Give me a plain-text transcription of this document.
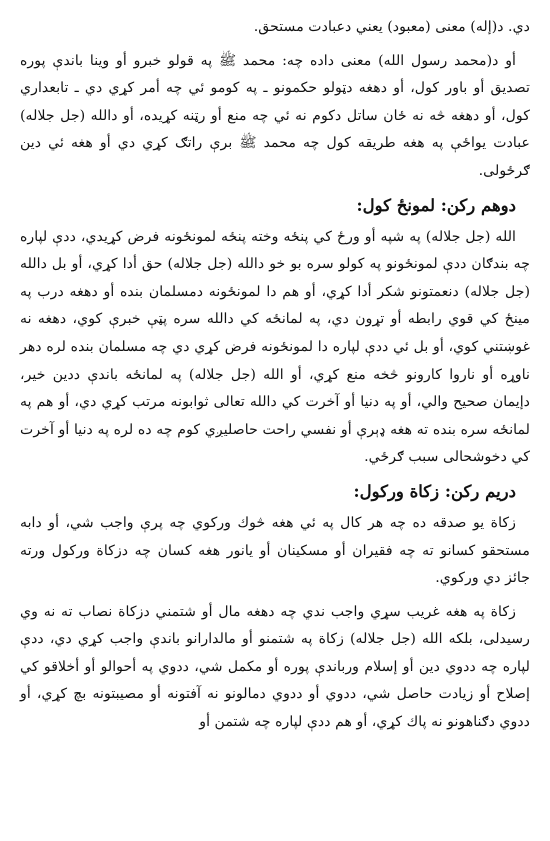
دي. د(إله) معنى (معبود) يعني دعبادت مستحق.

أو د(محمد رسول الله) معنى داده چه: محمد ﷺ په قولو خبرو أو وينا باندې پوره تصديق أو باور كول، أو دهغه دټولو حكمونو ـ په كومو ئي چه أمر كړي دي ـ تابعداري كول، أو دهغه څه نه ځان ساتل دكوم نه ئي چه منع أو رټنه كړيده، أو دالله (جل جلاله) عبادت يواځې په هغه طريقه كول چه محمد ﷺ برې راتګ كړي دي أو هغه ئي دين ګرځولى.

دوهم ركن: لمونځ كول:

الله (جل جلاله) په شپه أو ورځ كي پنځه وخته پنځه لمونځونه فرض كړيدي، ددې لپاره چه بندګان ددې لمونځونو په كولو سره بو خو دالله (جل جلاله) حق أدا كړي، أو بل دالله (جل جلاله) دنعمتونو شكر أدا كړي، أو هم دا لمونځونه دمسلمان بنده أو دهغه درب په مينځ كي قوي رابطه أو تړون دي، په لمانځه كي دالله سره پټې خبرې كوي، دهغه نه غوښتني كوي، أو بل ئي ددې لپاره دا لمونځونه فرض كړي دي چه مسلمان بنده لره دهر ناوړه أو ناروا كارونو څخه منع كړي، أو الله (جل جلاله) په لمانځه باندې ددين خير، دإيمان صحيح والي، أو په دنيا أو آخرت كي دالله تعالى ثوابونه مرتب كړي دي، أو هم په لمانځه سره بنده ته هغه ډېرې أو نفسي راحت حاصليږي كوم چه ده لره په دنيا أو آخرت كي دخوشحالى سبب ګرځي.

دريم ركن: زكاة وركول:

زكاة يو صدقه ده چه هر كال په ئي هغه څوك وركوي چه پرې واجب شي، أو دابه مستحقو كسانو ته چه فقيران أو مسكينان أو يانور هغه كسان چه دزكاة وركول ورته جائز دي وركوي.

زكاة په هغه غريب سړي واجب ندي چه دهغه مال أو شتمني دزكاة نصاب ته نه وي رسيدلى، بلكه الله (جل جلاله) زكاة په شتمنو أو مالدارانو باندې واجب كړي دي، ددې لپاره چه ددوي دين أو إسلام ورباندې پوره أو مكمل شي، ددوي په أحوالو أو أخلاقو كي إصلاح أو زيادت حاصل شي، ددوي أو ددوي دمالونو نه آفتونه أو مصيبتونه بچ كړي، أو ددوي دګناهونو نه پاك كړي، أو هم ددې لپاره چه شتمن أو
